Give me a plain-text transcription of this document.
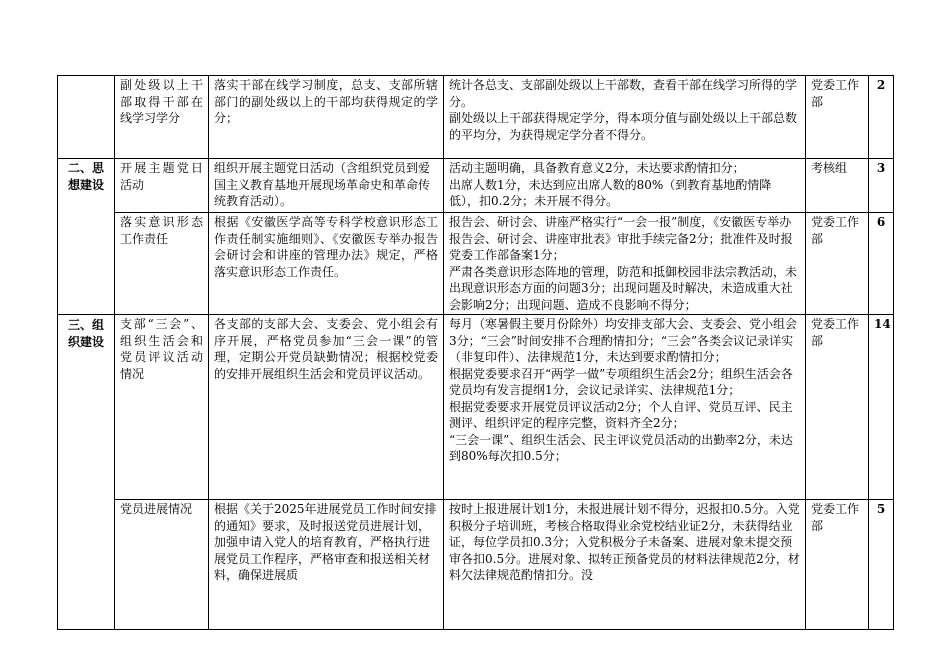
	副处级以上干部取得干部在线学习学分	落实干部在线学习制度，总支、支部所辖部门的副处级以上的干部均获得规定的学分；	统计各总支、支部副处级以上干部数，查看干部在线学习所得的学分。
副处级以上干部获得规定学分，得本项分值与副处级以上干部总数的平均分，为获得规定学分者不得分。	党委工作部	2
二、思想建设	开展主题党日活动	组织开展主题党日活动（含组织党员到爱国主义教育基地开展现场革命史和革命传统教育活动）。	活动主题明确，具备教育意义2分，未达要求酌情扣分；
出席人数1分，未达到应出席人数的80%（到教育基地酌情降低），扣0.2分；未开展不得分。	考核组	3
	落实意识形态工作责任	根据《安徽医学高等专科学校意识形态工作责任制实施细则》、《安徽医专举办报告会研讨会和讲座的管理办法》规定，严格落实意识形态工作责任。	报告会、研讨会、讲座严格实行“一会一报”制度，《安徽医专举办报告会、研讨会、讲座审批表》审批手续完备2分；批准件及时报党委工作部备案1分；
严肃各类意识形态阵地的管理，防范和抵御校园非法宗教活动，未出现意识形态方面的问题3分；出现问题及时解决，未造成重大社会影响2分；出现问题、造成不良影响不得分；	党委工作部	6
三、组织建设	支部“三会”、组织生活会和党员评议活动情况	各支部的支部大会、支委会、党小组会有序开展，严格党员参加“三会一课”的管理，定期公开党员缺勤情况；根据校党委的安排开展组织生活会和党员评议活动。	每月（寒暑假主要月份除外）均安排支部大会、支委会、党小组会3分；“三会”时间安排不合理酌情扣分；“三会”各类会议记录详实（非复印件）、法律规范1分，未达到要求酌情扣分；
根据党委要求召开“两学一做”专项组织生活会2分；组织生活会各党员均有发言提纲1分，会议记录详实、法律规范1分；
根据党委要求开展党员评议活动2分；个人自评、党员互评、民主测评、组织评定的程序完整，资料齐全2分；
“三会一课”、组织生活会、民主评议党员活动的出勤率2分，未达到80%每次扣0.5分；	党委工作部	14
	党员进展情况	根据《关于2025年进展党员工作时间安排的通知》要求，及时报送党员进展计划，加强申请入党人的培育教育，严格执行进展党员工作程序，严格审查和报送相关材料，确保进展质	按时上报进展计划1分，未报进展计划不得分，迟报扣0.5分。入党积极分子培训班，考核合格取得业余党校结业证2分，未获得结业证，每位学员扣0.3分；入党积极分子未备案、进展对象未提交预审各扣0.5分。进展对象、拟转正预备党员的材料法律规范2分，材料欠法律规范酌情扣分。没	党委工作部	5
